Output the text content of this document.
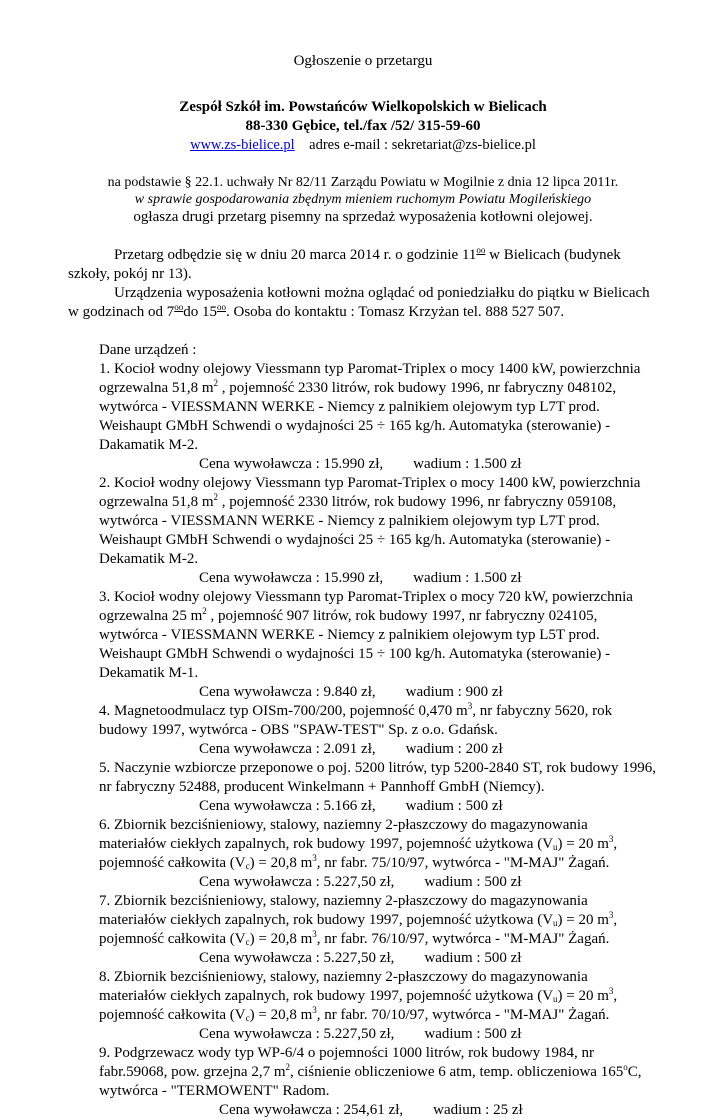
Ogłoszenie o przetargu
Zespół Szkół im. Powstańców Wielkopolskich w Bielicach
88-330 Gębice, tel./fax /52/ 315-59-60
www.zs-bielice.pl adres e-mail : sekretariat@zs-bielice.pl
na podstawie § 22.1. uchwały Nr 82/11 Zarządu Powiatu w Mogilnie z dnia 12 lipca 2011r.
w sprawie gospodarowania zbędnym mieniem ruchomym Powiatu Mogileńskiego
ogłasza drugi przetarg pisemny na sprzedaż wyposażenia kotłowni olejowej.

Przetarg odbędzie się w dniu 20 marca 2014 r. o godzinie $11^{oo}$ w Bielicach (budynek szkoły, pokój nr 13).

Urządzenia wyposażenia kotłowni można oglądać od poniedziałku do piątku w Bielicach w godzinach od $7^{oo}do$ $15^{oo}$. Osoba do kontaktu : Tomasz Krzyżan tel. 888 527 507.

Dane urządzeń :

1. Kocioł wodny olejowy Viessmann typ Paromat-Triplex o mocy 1400 kW, powierzchnia ogrzewalna 51,8 $m^2$ , pojemność 2330 litrów, rok budowy 1996, nr fabryczny 048102, wytwórca - VIESSMANN WERKE - Niemcy z palnikiem olejowym typ L7T prod. Weishaupt GMbH Schwendi o wydajności 25 ÷ 165 kg/h. Automatyka (sterowanie) - Dakamatik M-2.

Cena wywoławcza : 15.990 zł, wadium : 1.500 zł

2. Kocioł wodny olejowy Viessmann typ Paromat-Triplex o mocy 1400 kW, powierzchnia ogrzewalna 51,8 $m^2$ , pojemność 2330 litrów, rok budowy 1996, nr fabryczny 059108, wytwórca - VIESSMANN WERKE - Niemcy z palnikiem olejowym typ L7T prod. Weishaupt GMbH Schwendi o wydajności 25 ÷ 165 kg/h. Automatyka (sterowanie) - Dekamatik M-2.

Cena wywoławcza : 15.990 zł, wadium : 1.500 zł

3. Kocioł wodny olejowy Viessmann typ Paromat-Triplex o mocy 720 kW, powierzchnia ogrzewalna 25 $m^2$ , pojemność 907 litrów, rok budowy 1997, nr fabryczny 024105, wytwórca - VIESSMANN WERKE - Niemcy z palnikiem olejowym typ L5T prod. Weishaupt GMbH Schwendi o wydajności 15 ÷ 100 kg/h. Automatyka (sterowanie) - Dekamatik M-1.

Cena wywoławcza : 9.840 zł, wadium : 900 zł

4. Magnetoodmulacz typ OISm-700/200, pojemność 0,470 $m^3$, nr fabyczny 5620, rok budowy 1997, wytwórca - OBS "SPAW-TEST" Sp. z o.o. Gdańsk.

Cena wywoławcza : 2.091 zł, wadium : 200 zł

5. Naczynie wzbiorcze przeponowe o poj. 5200 litrów, typ 5200-2840 ST, rok budowy 1996, nr fabryczny 52488, producent Winkelmann + Pannhoff GmbH (Niemcy).

Cena wywoławcza : 5.166 zł, wadium : 500 zł

6. Zbiornik bezciśnieniowy, stalowy, naziemny 2-płaszczowy do magazynowania materiałów ciekłych zapalnych, rok budowy 1997, pojemność użytkowa $(V_u) = 20$ $m^3$, pojemność całkowita $(V_c) = 20,8$ $m^3$, nr fabr. 75/10/97, wytwórca - "M-MAJ" Żagań.

Cena wywoławcza : 5.227,50 zł, wadium : 500 zł

7. Zbiornik bezciśnieniowy, stalowy, naziemny 2-płaszczowy do magazynowania materiałów ciekłych zapalnych, rok budowy 1997, pojemność użytkowa $(V_u) = 20$ $m^3$, pojemność całkowita $(V_c) = 20,8$ $m^3$, nr fabr. 76/10/97, wytwórca - "M-MAJ" Żagań.

Cena wywoławcza : 5.227,50 zł, wadium : 500 zł

8. Zbiornik bezciśnieniowy, stalowy, naziemny 2-płaszczowy do magazynowania materiałów ciekłych zapalnych, rok budowy 1997, pojemność użytkowa $(V_u) = 20$ $m^3$, pojemność całkowita $(V_c) = 20,8$ $m^3$, nr fabr. 70/10/97, wytwórca - "M-MAJ" Żagań.

Cena wywoławcza : 5.227,50 zł, wadium : 500 zł

9. Podgrzewacz wody typ WP-6/4 o pojemności 1000 litrów, rok budowy 1984, nr fabr.59068, pow. grzejna 2,7 $m^2$, ciśnienie obliczeniowe 6 atm, temp. obliczeniowa 165$^o$C, wytwórca - "TERMOWENT" Radom.

Cena wywoławcza : 254,61 zł, wadium : 25 zł
